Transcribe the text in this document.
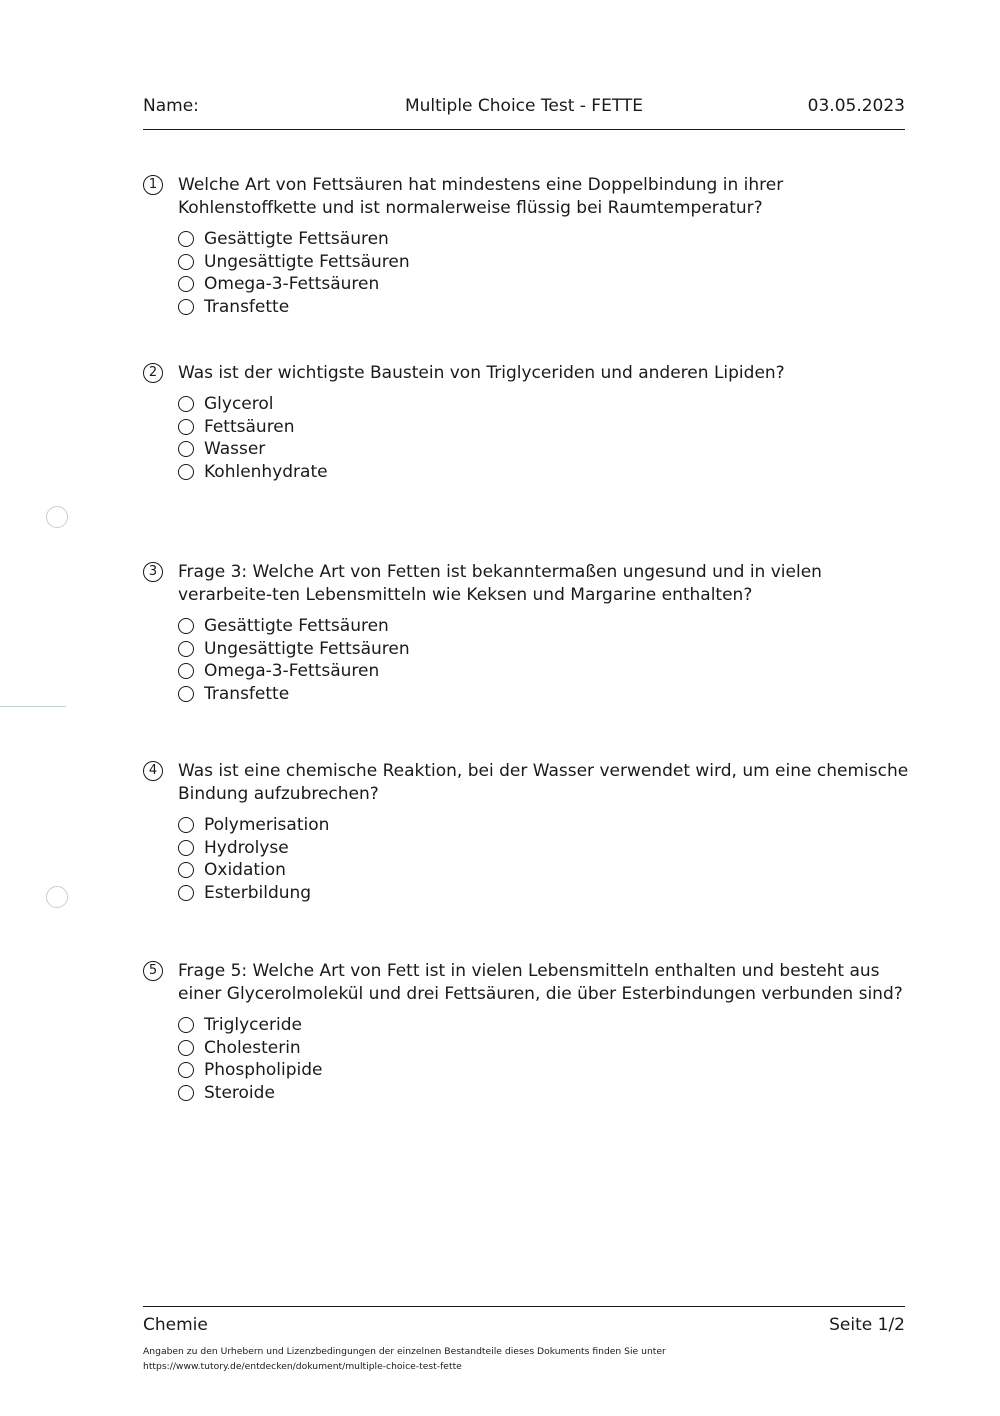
Name:	Multiple Choice Test - FETTE	03.05.2023
1	Welche Art von Fettsäuren hat mindestens eine Doppelbindung in ihrer Kohlenstoffkette und ist normalerweise flüssig bei Raumtemperatur?
Gesättigte Fettsäuren
Ungesättigte Fettsäuren
Omega-3-Fettsäuren
Transfette
2	Was ist der wichtigste Baustein von Triglyceriden und anderen Lipiden?
Glycerol
Fettsäuren
Wasser
Kohlenhydrate
3	Frage 3: Welche Art von Fetten ist bekanntermaßen ungesund und in vielen verarbeite-ten Lebensmitteln wie Keksen und Margarine enthalten?
Gesättigte Fettsäuren
Ungesättigte Fettsäuren
Omega-3-Fettsäuren
Transfette
4	Was ist eine chemische Reaktion, bei der Wasser verwendet wird, um eine chemische Bindung aufzubrechen?
Polymerisation
Hydrolyse
Oxidation
Esterbildung
5	Frage 5: Welche Art von Fett ist in vielen Lebensmitteln enthalten und besteht aus einer Glycerolmolekül und drei Fettsäuren, die über Esterbindungen verbunden sind?
Triglyceride
Cholesterin
Phospholipide
Steroide
Chemie	Seite 1/2
Angaben zu den Urhebern und Lizenzbedingungen der einzelnen Bestandteile dieses Dokuments finden Sie unter
https://www.tutory.de/entdecken/dokument/multiple-choice-test-fette
